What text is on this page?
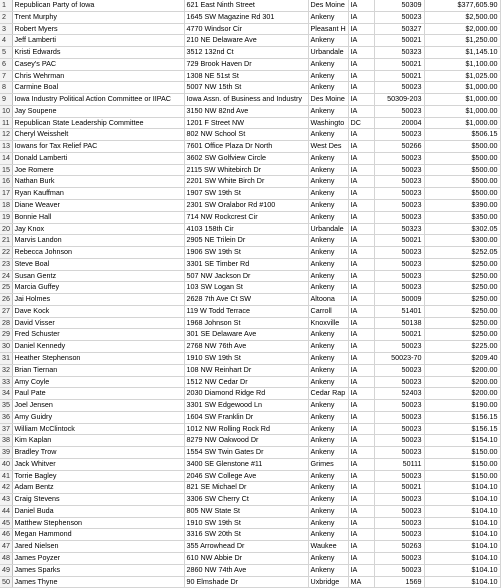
1	Republican Party of Iowa	621 East Ninth Street	Des Moine	IA	50309	$377,605.90
2	Trent Murphy	1645 SW Magazine Rd 301	Ankeny	IA	50023	$2,500.00
3	Robert Myers	4770 Windsor Cir	Pleasant H	IA	50327	$2,000.00
4	Jeff Lamberti	210 NE Delaware Ave	Ankeny	IA	50021	$1,250.00
5	Kristi Edwards	3512 132nd Ct	Urbandale	IA	50323	$1,145.10
6	Casey's PAC	729 Brook Haven Dr	Ankeny	IA	50021	$1,100.00
7	Chris Wehrman	1308 NE 51st St	Ankeny	IA	50021	$1,025.00
8	Carmine Boal	5007 NW 15th St	Ankeny	IA	50023	$1,000.00
9	Iowa Industry Political Action Committee or IIPAC	Iowa Assn. of Business and Industry	Des Moine	IA	50309-203	$1,000.00
10	Jay Soupene	3150 NW 82nd Ave	Ankeny	IA	50023	$1,000.00
11	Republican State Leadership Committee	1201 F Street NW	Washingto	DC	20004	$1,000.00
12	Cheryl Weisshelt	802 NW School St	Ankeny	IA	50023	$506.15
13	Iowans for Tax Relief PAC	7601 Office Plaza Dr North	West Des	IA	50266	$500.00
14	Donald Lamberti	3602 SW Golfview Circle	Ankeny	IA	50023	$500.00
15	Joe Romere	2115 SW Whitebirch Dr	Ankeny	IA	50023	$500.00
16	Nathan Burk	2201 SW White Birch Dr	Ankeny	IA	50023	$500.00
17	Ryan Kauffman	1907 SW 19th St	Ankeny	IA	50023	$500.00
18	Diane Weaver	2301 SW Oralabor Rd #100	Ankeny	IA	50023	$390.00
19	Bonnie Hall	714 NW Rockcrest Cir	Ankeny	IA	50023	$350.00
20	Jay Knox	4103 158th Cir	Urbandale	IA	50323	$302.05
21	Marvis Landon	2905 NE Trilein Dr	Ankeny	IA	50021	$300.00
22	Rebecca Johnson	1906 SW 19th St	Ankeny	IA	50023	$252.05
23	Steve Boal	3301 SE Timber Rd	Ankeny	IA	50023	$250.00
24	Susan Gentz	507 NW Jackson Dr	Ankeny	IA	50023	$250.00
25	Marcia Guffey	103 SW Logan St	Ankeny	IA	50023	$250.00
26	Jai Holmes	2628 7th Ave Ct SW	Altoona	IA	50009	$250.00
27	Dave Kock	119 W Todd Terrace	Carroll	IA	51401	$250.00
28	David Visser	1968 Johnson St	Knoxville	IA	50138	$250.00
29	Fred Schuster	301 SE Delaware Ave	Ankeny	IA	50021	$250.00
30	Daniel Kennedy	2768 NW 76th Ave	Ankeny	IA	50023	$225.00
31	Heather Stephenson	1910 SW 19th St	Ankeny	IA	50023-70	$209.40
32	Brian Tiernan	108 NW Reinhart Dr	Ankeny	IA	50023	$200.00
33	Amy Coyle	1512 NW Cedar Dr	Ankeny	IA	50023	$200.00
34	Paul Pate	2030 Diamond Ridge Rd	Cedar Rap	IA	52403	$200.00
35	Joel Jensen	3301 SW Edgewood Ln	Ankeny	IA	50023	$190.00
36	Amy Guidry	1604 SW Franklin Dr	Ankeny	IA	50023	$156.15
37	William McClintock	1012 NW Rolling Rock Rd	Ankeny	IA	50023	$156.15
38	Kim Kaplan	8279 NW Oakwood Dr	Ankeny	IA	50023	$154.10
39	Bradley Trow	1554 SW Twin Gates Dr	Ankeny	IA	50023	$150.00
40	Jack Whitver	3400 SE Glenstone #11	Grimes	IA	50111	$150.00
41	Torrie Bagley	2046 SW College Ave	Ankeny	IA	50023	$150.00
42	Adam Bentz	821 SE Michael Dr	Ankeny	IA	50021	$104.10
43	Craig Stevens	3306 SW Cherry Ct	Ankeny	IA	50023	$104.10
44	Daniel Buda	805 NW State St	Ankeny	IA	50023	$104.10
45	Matthew Stephenson	1910 SW 19th St	Ankeny	IA	50023	$104.10
46	Megan Hammond	3316 SW 20th St	Ankeny	IA	50023	$104.10
47	Jared Nielsen	355 Arrowhead Dr	Waukee	IA	50263	$104.10
48	James Poyzer	610 NW Abbie Dr	Ankeny	IA	50023	$104.10
49	James Sparks	2860 NW 74th Ave	Ankeny	IA	50023	$104.10
50	James Thyne	90 Elmshade Dr	Uxbridge	MA	1569	$104.10
